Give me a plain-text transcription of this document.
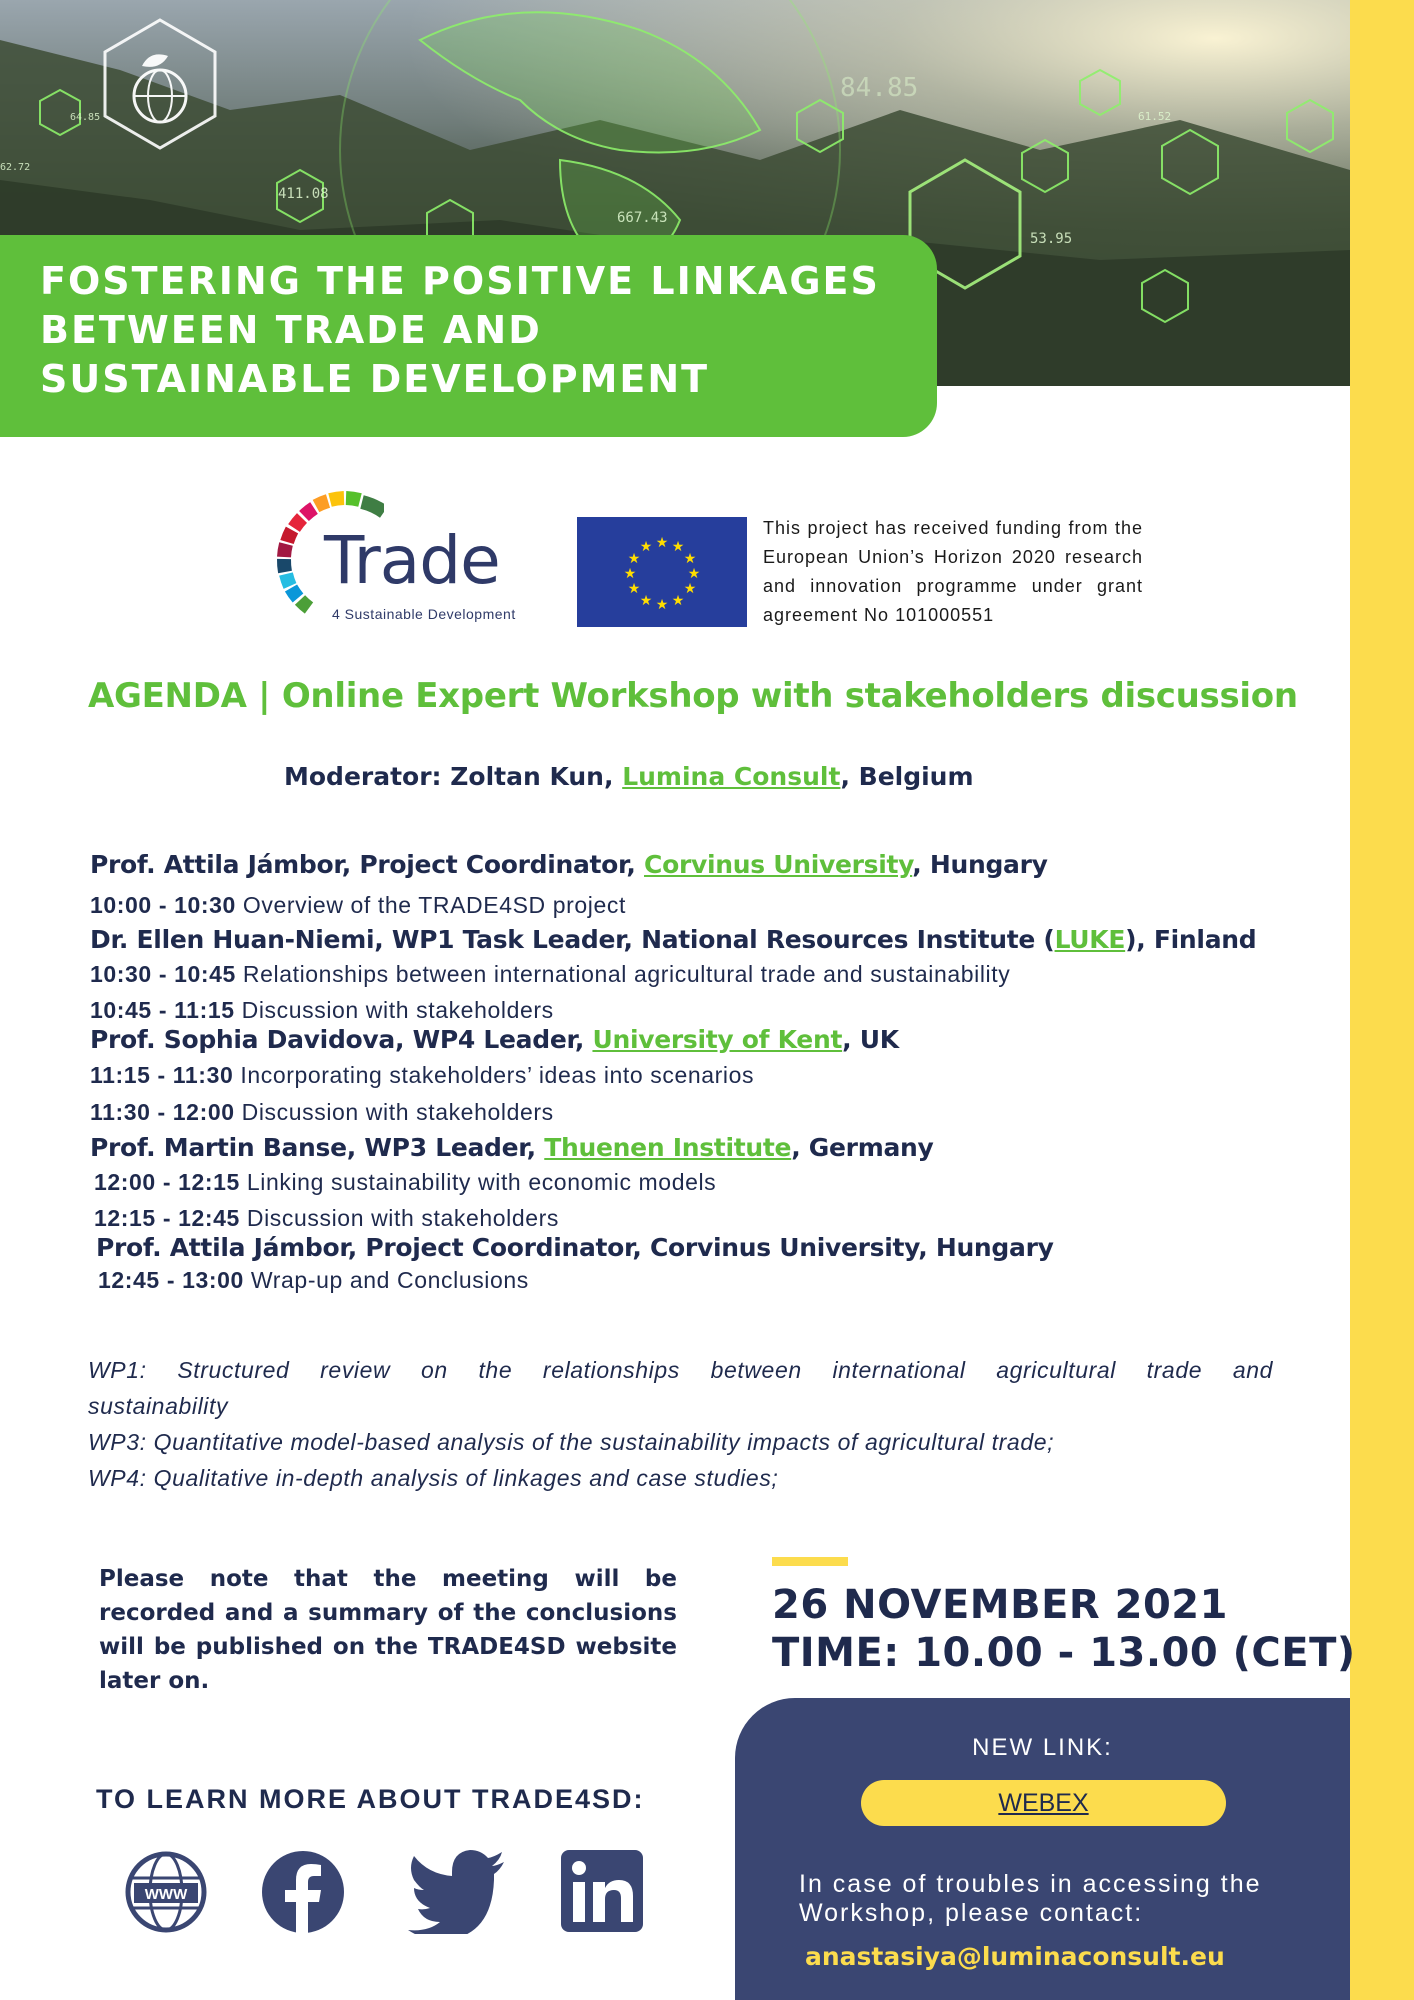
411.08
84.85
667.43
53.95
61.52
62.72
64.85
FOSTERING THE POSITIVE LINKAGES
BETWEEN TRADE AND
SUSTAINABLE DEVELOPMENT
Trade
4 Sustainable Development
★ ★
★
★
★
★
★
★
★
★
★
★
This project has received funding from the European Union’s Horizon 2020 research and innovation programme under grant agreement No 101000551
AGENDA | Online Expert Workshop with stakeholders discussion
Moderator: Zoltan Kun, Lumina Consult, Belgium
Prof. Attila Jámbor, Project Coordinator, Corvinus University, Hungary
10:00 - 10:30 Overview of the TRADE4SD project
Dr. Ellen Huan-Niemi, WP1 Task Leader, National Resources Institute (LUKE), Finland
10:30 - 10:45 Relationships between international agricultural trade and sustainability
10:45 - 11:15 Discussion with stakeholders
Prof. Sophia Davidova, WP4 Leader, University of Kent, UK
11:15 - 11:30 Incorporating stakeholders’ ideas into scenarios
11:30 - 12:00 Discussion with stakeholders
Prof. Martin Banse, WP3 Leader, Thuenen Institute, Germany
12:00 - 12:15 Linking sustainability with economic models
12:15 - 12:45 Discussion with stakeholders
Prof. Attila Jámbor, Project Coordinator, Corvinus University, Hungary
12:45 - 13:00 Wrap-up and Conclusions
WP1: Structured review on the relationships between international agricultural trade and
sustainability
WP3: Quantitative model-based analysis of the sustainability impacts of agricultural trade;
WP4: Qualitative in-depth analysis of linkages and case studies;
Please note that the meeting will be recorded and a summary of the conclusions will be published on the TRADE4SD website later on.
26 NOVEMBER 2021
TIME: 10.00 - 13.00 (CET)
TO LEARN MORE ABOUT TRADE4SD:
WWW
NEW LINK:
WEBEX
In case of troubles in accessing the Workshop, please contact:
anastasiya@luminaconsult.eu
